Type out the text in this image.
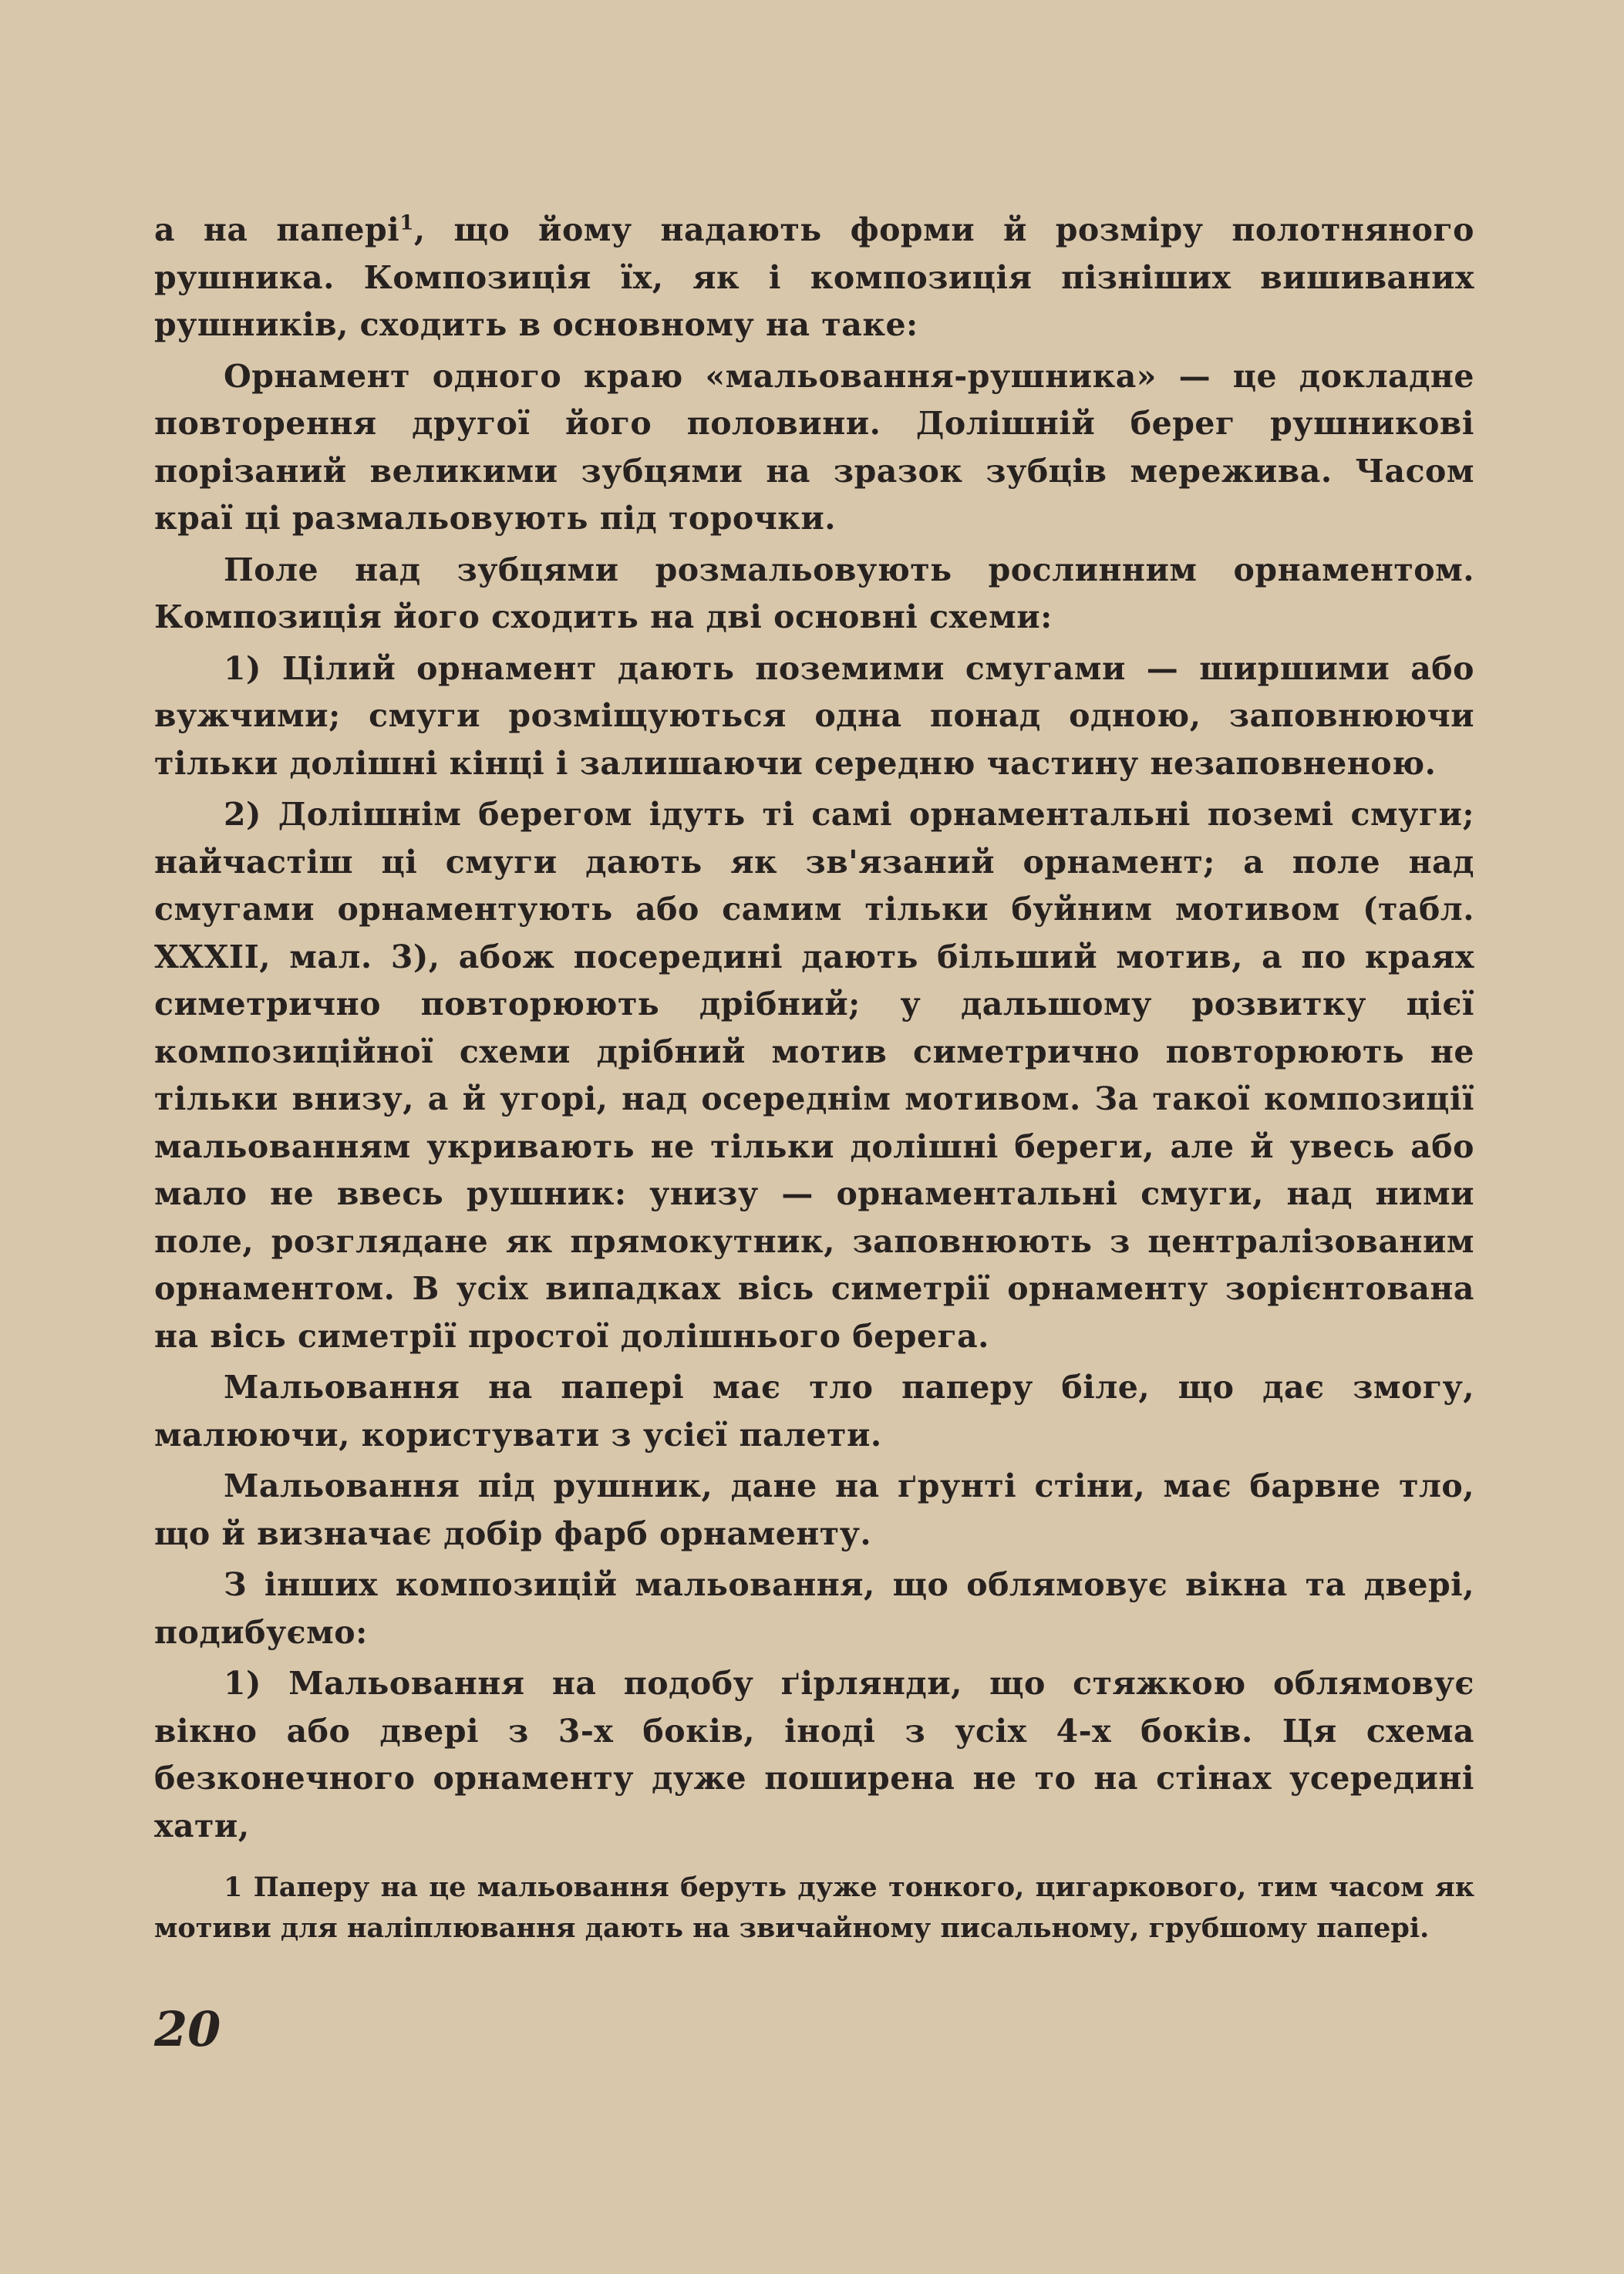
а на папері$^1$, що йому надають форми й розміру полотняного рушника. Композиція їх, як і композиція пізніших вишиваних рушників, сходить в основному на таке:

Орнамент одного краю «мальовання-рушника» — це докладне повторення другої його половини. Долішній берег рушникові порізаний великими зубцями на зразок зубців мережива. Часом краї ці размальовують під торочки.

Поле над зубцями розмальовують рослинним орнаментом. Композиція його сходить на дві основні схеми:

1) Цілий орнамент дають поземими смугами — ширшими або вужчими; смуги розміщуються одна понад одною, заповнюючи тільки долішні кінці і залишаючи середню частину незаповненою.

2) Долішнім берегом ідуть ті самі орнаментальні поземі смуги; найчастіш ці смуги дають як зв'язаний орнамент; а поле над смугами орнаментують або самим тільки буйним мотивом (табл. XXXII, мал. 3), абож посередині дають більший мотив, а по краях симетрично повторюють дрібний; у дальшому розвитку цієї композиційної схеми дрібний мотив симетрично повторюють не тільки внизу, а й угорі, над осереднім мотивом. За такої композиції мальованням укривають не тільки долішні береги, але й увесь або мало не ввесь рушник: унизу — орнаментальні смуги, над ними поле, розглядане як прямокутник, заповнюють з централізованим орнаментом. В усіх випадках вісь симетрії орнаменту зорієнтована на вісь симетрії простої долішнього берега.

Мальовання на папері має тло паперу біле, що дає змогу, малюючи, користувати з усієї палети.

Мальовання під рушник, дане на ґрунті стіни, має барвне тло, що й визначає добір фарб орнаменту.

З інших композицій мальовання, що облямовує вікна та двері, подибуємо:

1) Мальовання на подобу ґірлянди, що стяжкою облямовує вікно або двері з 3-х боків, іноді з усіх 4-х боків. Ця схема безконечного орнаменту дуже поширена не то на стінах усередині хати,

1 Паперу на це мальовання беруть дуже тонкого, цигаркового, тим часом як мотиви для наліплювання дають на звичайному писальному, грубшому папері.

20
